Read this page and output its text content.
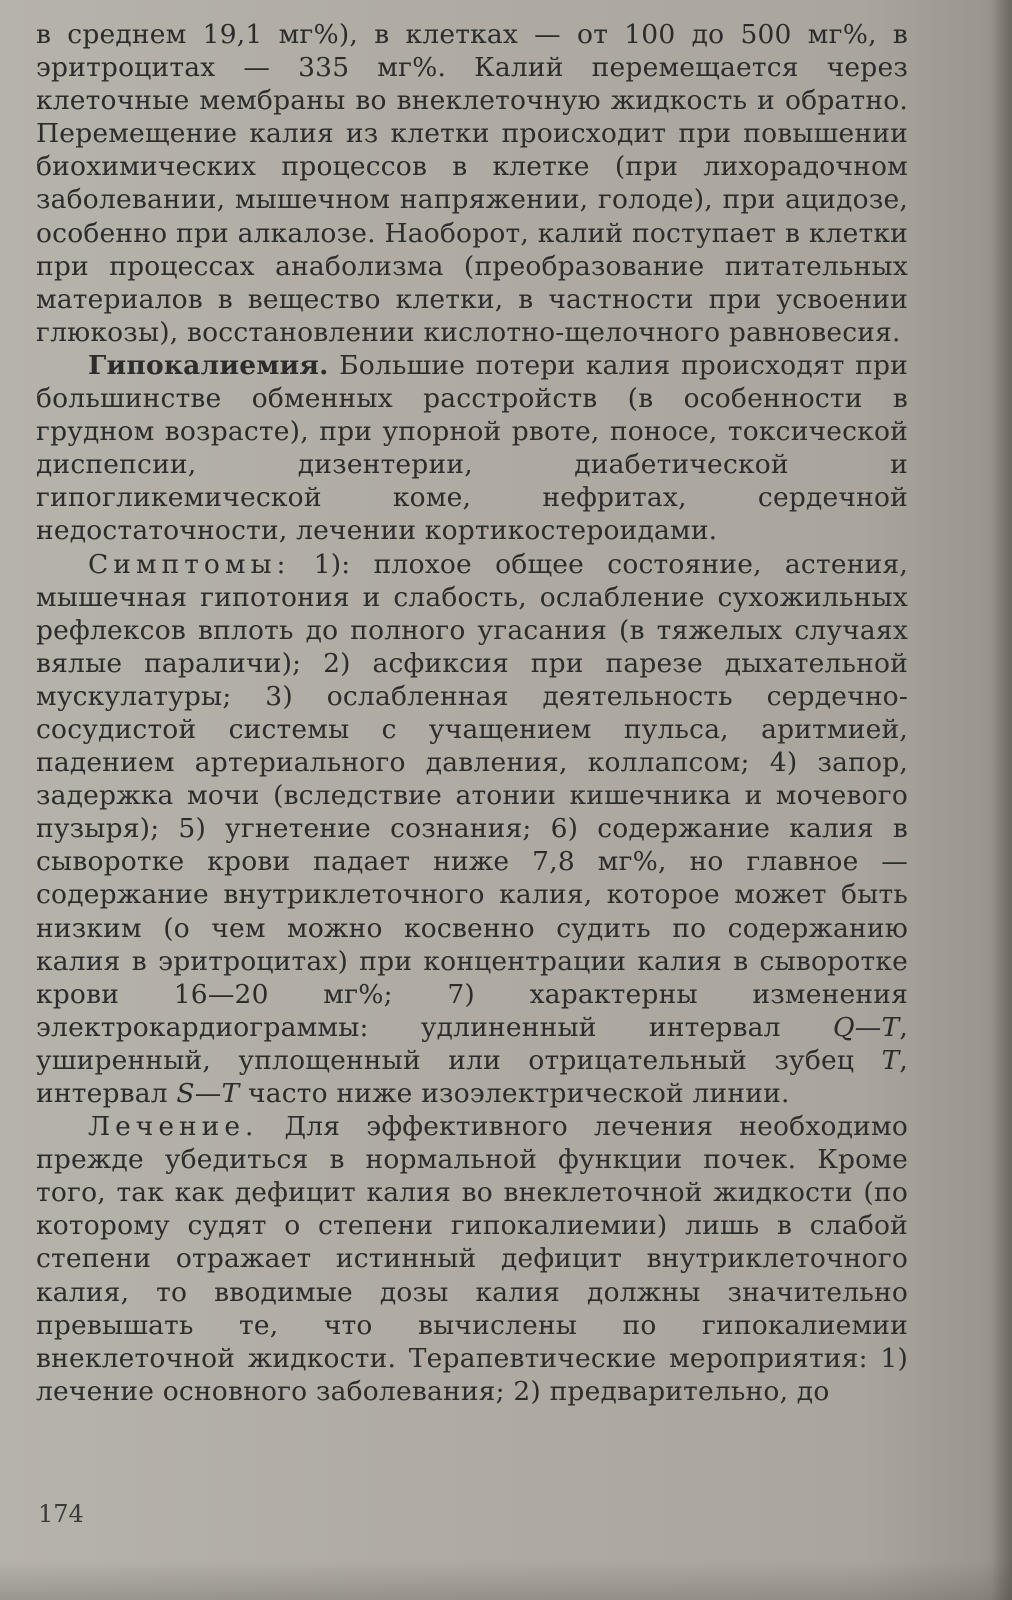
в среднем 19,1 мг%), в клетках — от 100 до 500 мг%, в эритроцитах — 335 мг%. Калий перемещается через клеточные мембраны во внеклеточную жидкость и обратно. Перемещение калия из клетки происходит при повышении биохимических процессов в клетке (при лихорадочном заболевании, мышечном напряжении, голоде), при ацидозе, особенно при алкалозе. Наоборот, калий поступает в клетки при процессах анаболизма (преобразование питательных материалов в вещество клетки, в частности при усвоении глюкозы), восстановлении кислотно-щелочного равновесия.

Гипокалиемия. Большие потери калия происходят при большинстве обменных расстройств (в особенности в грудном возрасте), при упорной рвоте, поносе, токсической диспепсии, дизентерии, диабетической и гипогликемической коме, нефритах, сердечной недостаточности, лечении кортикостероидами.

Симптомы: 1): плохое общее состояние, астения, мышечная гипотония и слабость, ослабление сухожильных рефлексов вплоть до полного угасания (в тяжелых случаях вялые параличи); 2) асфиксия при парезе дыхательной мускулатуры; 3) ослабленная деятельность сердечно-сосудистой системы с учащением пульса, аритмией, падением артериального давления, коллапсом; 4) запор, задержка мочи (вследствие атонии кишечника и мочевого пузыря); 5) угнетение сознания; 6) содержание калия в сыворотке крови падает ниже 7,8 мг%, но главное — содержание внутриклеточного калия, которое может быть низким (о чем можно косвенно судить по содержанию калия в эритроцитах) при концентрации калия в сыворотке крови 16—20 мг%; 7) характерны изменения электрокардиограммы: удлиненный интервал Q—T, уширенный, уплощенный или отрицательный зубец T, интервал S—T часто ниже изоэлектрической линии.

Лечение. Для эффективного лечения необходимо прежде убедиться в нормальной функции почек. Кроме того, так как дефицит калия во внеклеточной жидкости (по которому судят о степени гипокалиемии) лишь в слабой степени отражает истинный дефицит внутриклеточного калия, то вводимые дозы калия должны значительно превышать те, что вычислены по гипокалиемии внеклеточной жидкости. Терапевтические мероприятия: 1) лечение основного заболевания; 2) предварительно, до

174
